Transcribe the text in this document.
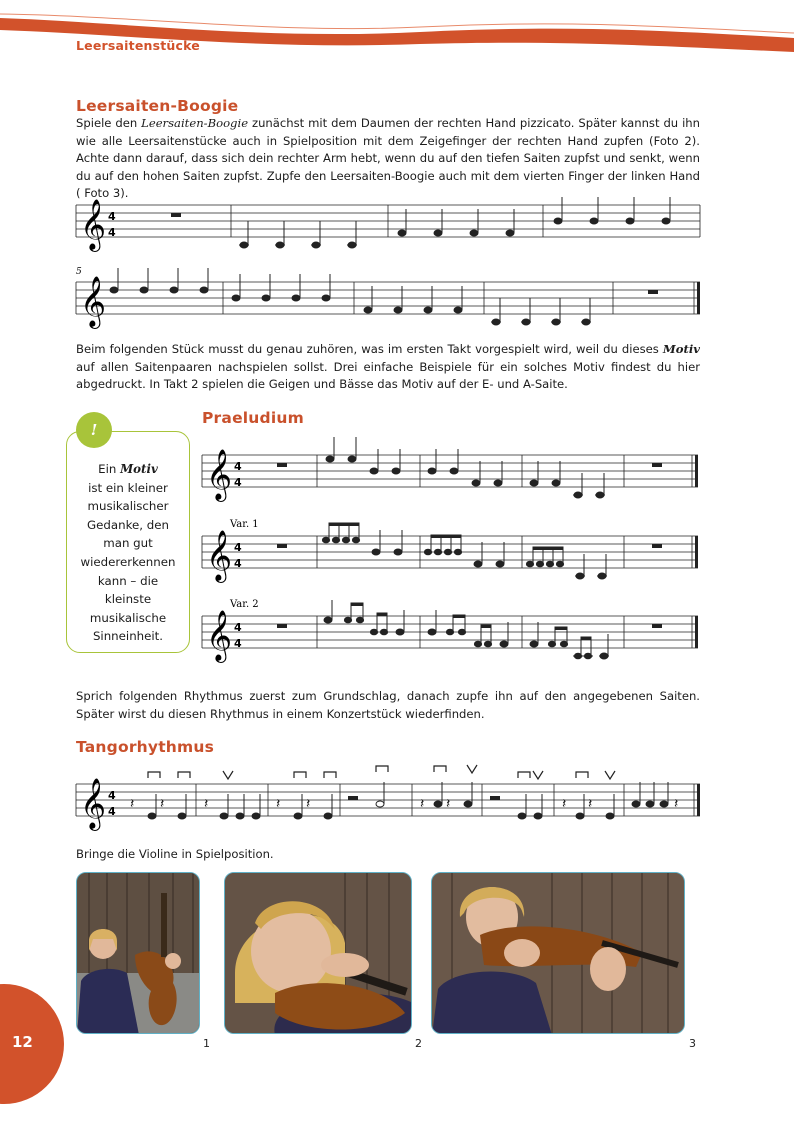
Leersaitenstücke
Leersaiten-Boogie

Spiele den Leersaiten-Boogie zunächst mit dem Daumen der rechten Hand pizzicato. Später kannst du ihn wie alle Leersaitenstücke auch in Spielposition mit dem Zeigefinger der rechten Hand zupfen (Foto 2). Achte dann darauf, dass sich dein rechter Arm hebt, wenn du auf den tiefen Saiten zupfst und senkt, wenn du auf den hohen Saiten zupfst. Zupfe den Leersaiten-Boogie auch mit dem vierten Finger der linken Hand ( Foto 3).

𝄞 4
4
5
𝄞

Beim folgenden Stück musst du genau zuhören, was im ersten Takt vorgespielt wird, weil du dieses Motiv auf allen Saitenpaaren nachspielen sollst. Drei einfache Beispiele für ein solches Motiv findest du hier abgedruckt. In Takt 2 spielen die Geigen und Bässe das Motiv auf der E- und A-Saite.

!
Ein Motiv
ist ein kleiner musikalischer Gedanke, den man gut wiedererkennen kann – die kleinste musikalische Sinneinheit.
Praeludium
𝄞 4
4
Var. 1
𝄞 4
4
Var. 2
𝄞 4
4

Sprich folgenden Rhythmus zuerst zum Grundschlag, danach zupfe ihn auf den angegebenen Saiten. Später wirst du diesen Rhythmus in einem Konzertstück wiederfinden.

Tangorhythmus
𝄞 4
4 𝄽 𝄽	𝄽	𝄽 𝄽	𝄽 𝄽	𝄽 𝄽	𝄽

Bringe die Violine in Spielposition.

1	2	3
12
